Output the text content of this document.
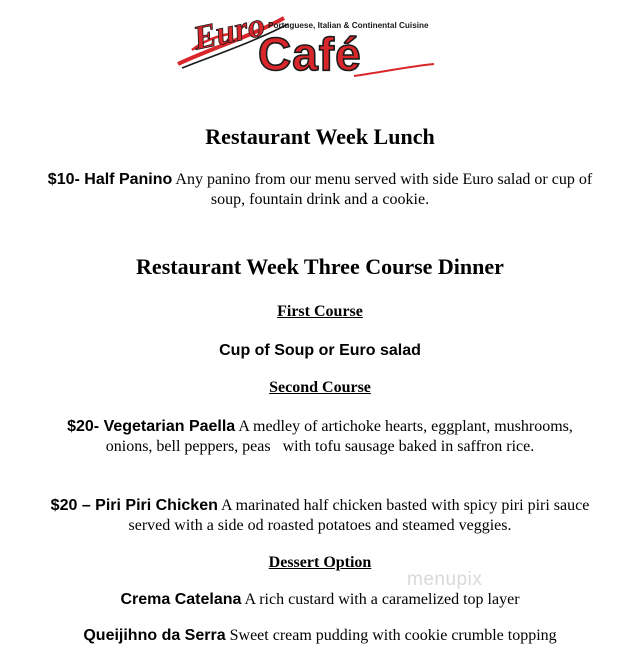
Euro Portuguese, Italian & Continental Cuisine
Café
Restaurant Week Lunch
$10- Half Panino Any panino from our menu served with side Euro salad or cup of
soup, fountain drink and a cookie.
Restaurant Week Three Course Dinner
First Course
Cup of Soup or Euro salad
Second Course
$20- Vegetarian Paella A medley of artichoke hearts, eggplant, mushrooms,
onions, bell peppers, peas   with tofu sausage baked in saffron rice.
$20 – Piri Piri Chicken A marinated half chicken basted with spicy piri piri sauce
served with a side od roasted potatoes and steamed veggies.
Dessert Option
Crema Catelana A rich custard with a caramelized top layer
Queijihno da Serra Sweet cream pudding with cookie crumble topping
menupix
